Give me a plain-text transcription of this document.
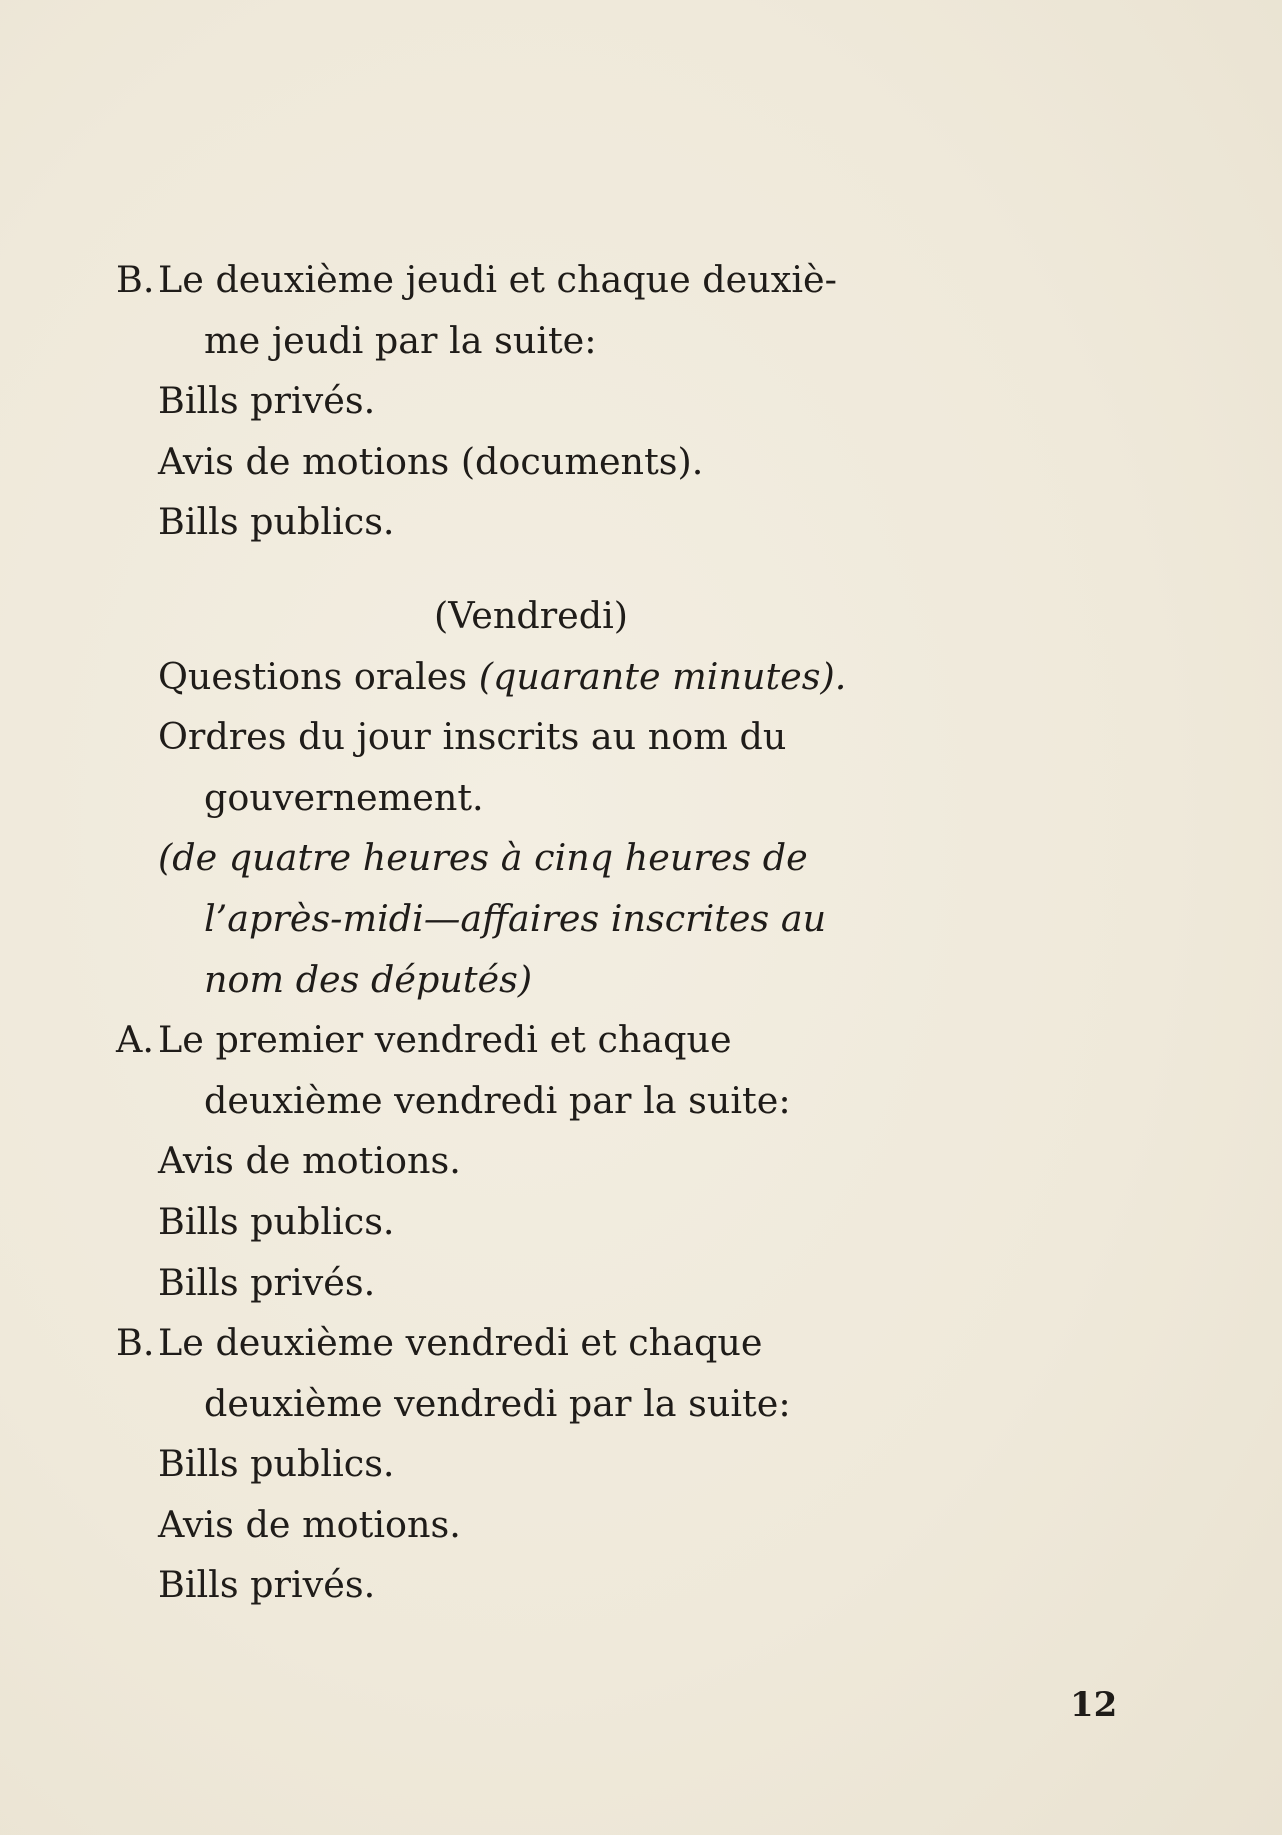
B. Le deuxième jeudi et chaque deuxiè-
me jeudi par la suite:
Bills privés.
Avis de motions (documents).
Bills publics.
(Vendredi)
Questions orales (quarante minutes).
Ordres du jour inscrits au nom du
gouvernement.
(de quatre heures à cinq heures de
l’après-midi—affaires inscrites au
nom des députés)
A. Le premier vendredi et chaque
deuxième vendredi par la suite:
Avis de motions.
Bills publics.
Bills privés.
B. Le deuxième vendredi et chaque
deuxième vendredi par la suite:
Bills publics.
Avis de motions.
Bills privés.
12
